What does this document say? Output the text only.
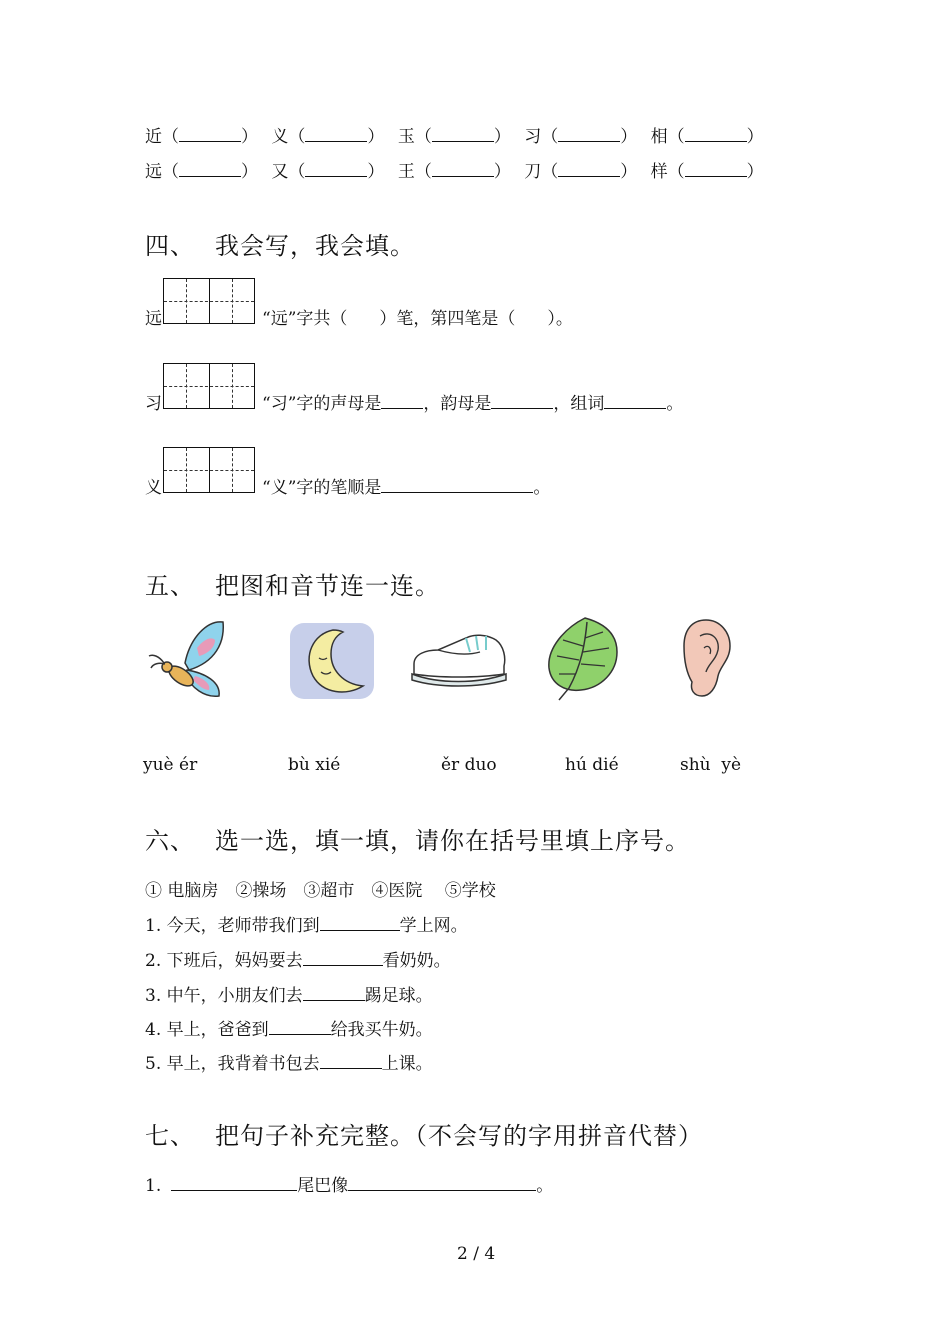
近（	） 义（	） 玉（	） 习（	） 相（	）
远（	） 又（	） 王（	） 刀（	） 样（	）
四、 我会写，我会填。
远	“远”字共（ ）笔，第四笔是（ ）。
习	“习”字的声母是 ，韵母是	，组词	。
义	“义”字的笔顺是	。
五、 把图和音节连一连。
yuè ér	bù xié	ěr duo	hú dié	shù  yè
六、 选一选，填一填，请你在括号里填上序号。
① 电脑房　②操场　③超市　④医院　 ⑤学校
1. 今天，老师带我们到	学上网。
2. 下班后，妈妈要去	看奶奶。
3. 中午，小朋友们去	踢足球。
4. 早上，爸爸到	给我买牛奶。
5. 早上，我背着书包去	上课。
七、 把句子补充完整。（不会写的字用拼音代替）
1.	尾巴像	。
2 / 4
